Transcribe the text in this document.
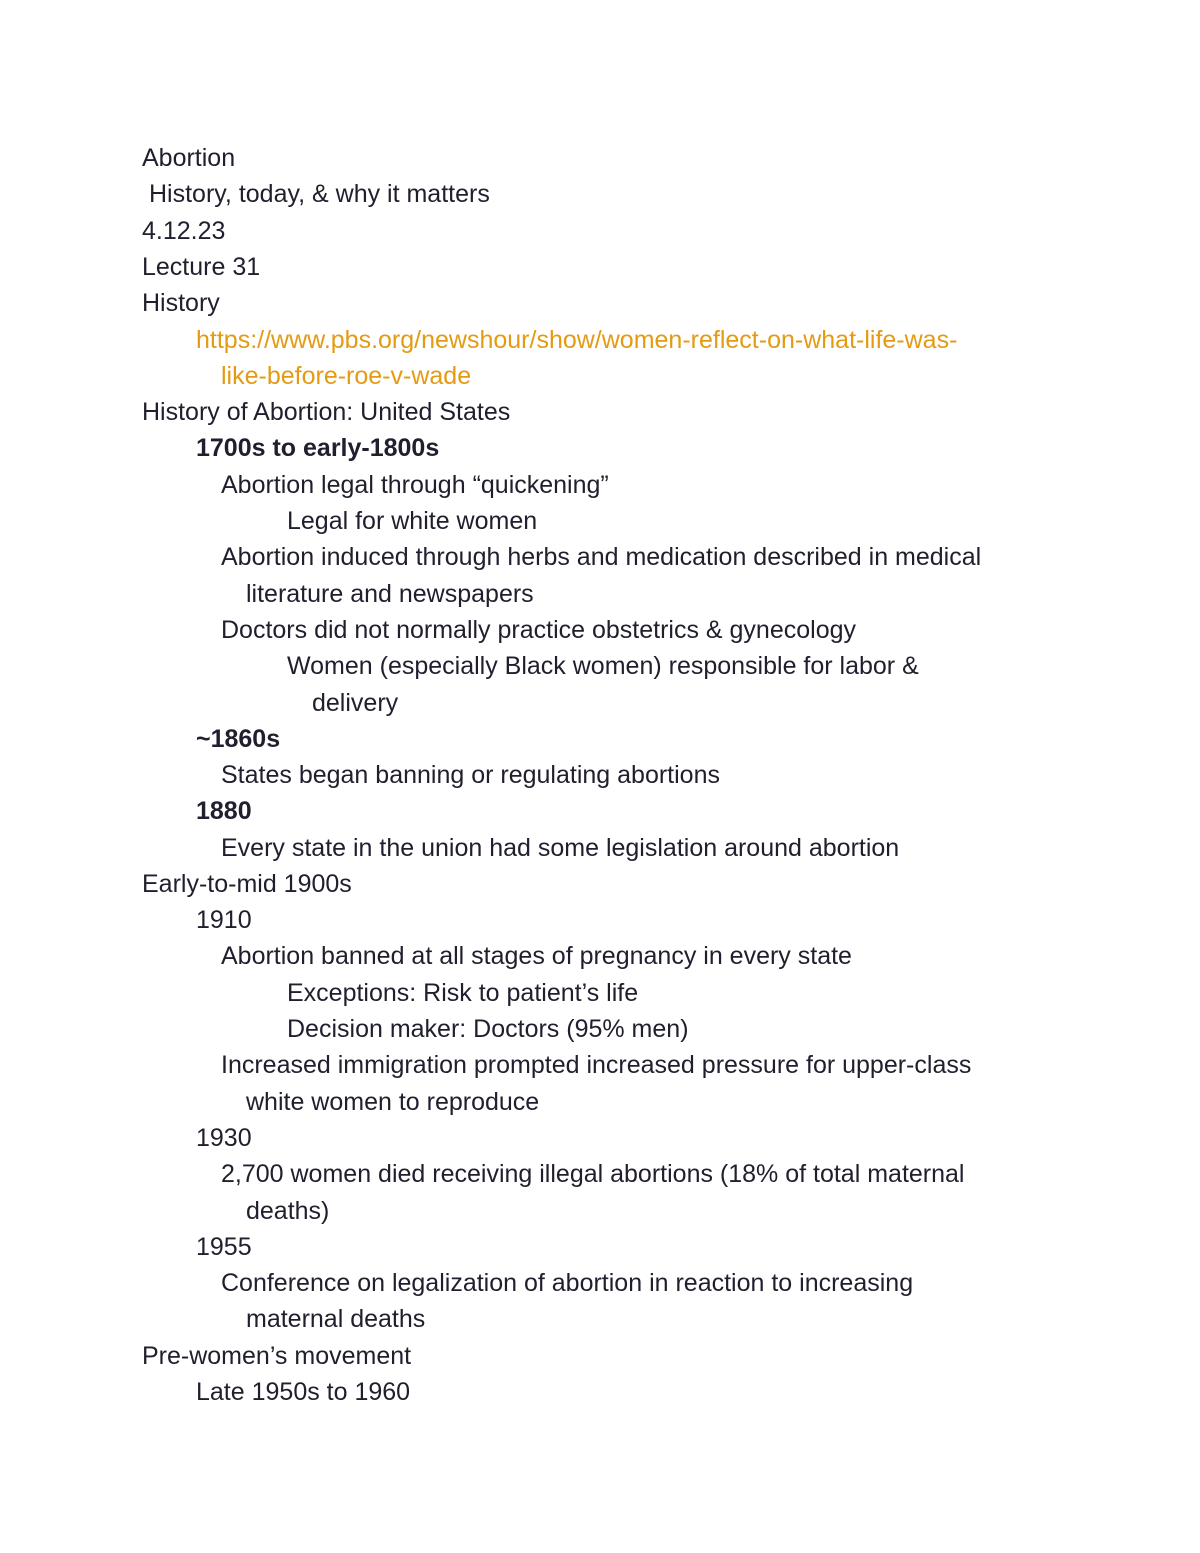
Abortion
History, today, & why it matters
4.12.23
Lecture 31
History
https://www.pbs.org/newshour/show/women-reflect-on-what-life-was-
like-before-roe-v-wade
History of Abortion: United States
1700s to early-1800s
Abortion legal through “quickening”
Legal for white women
Abortion induced through herbs and medication described in medical
literature and newspapers
Doctors did not normally practice obstetrics & gynecology
Women (especially Black women) responsible for labor &
delivery
~1860s
States began banning or regulating abortions
1880
Every state in the union had some legislation around abortion
Early-to-mid 1900s
1910
Abortion banned at all stages of pregnancy in every state
Exceptions: Risk to patient’s life
Decision maker: Doctors (95% men)
Increased immigration prompted increased pressure for upper-class
white women to reproduce
1930
2,700 women died receiving illegal abortions (18% of total maternal
deaths)
1955
Conference on legalization of abortion in reaction to increasing
maternal deaths
Pre-women’s movement
Late 1950s to 1960
